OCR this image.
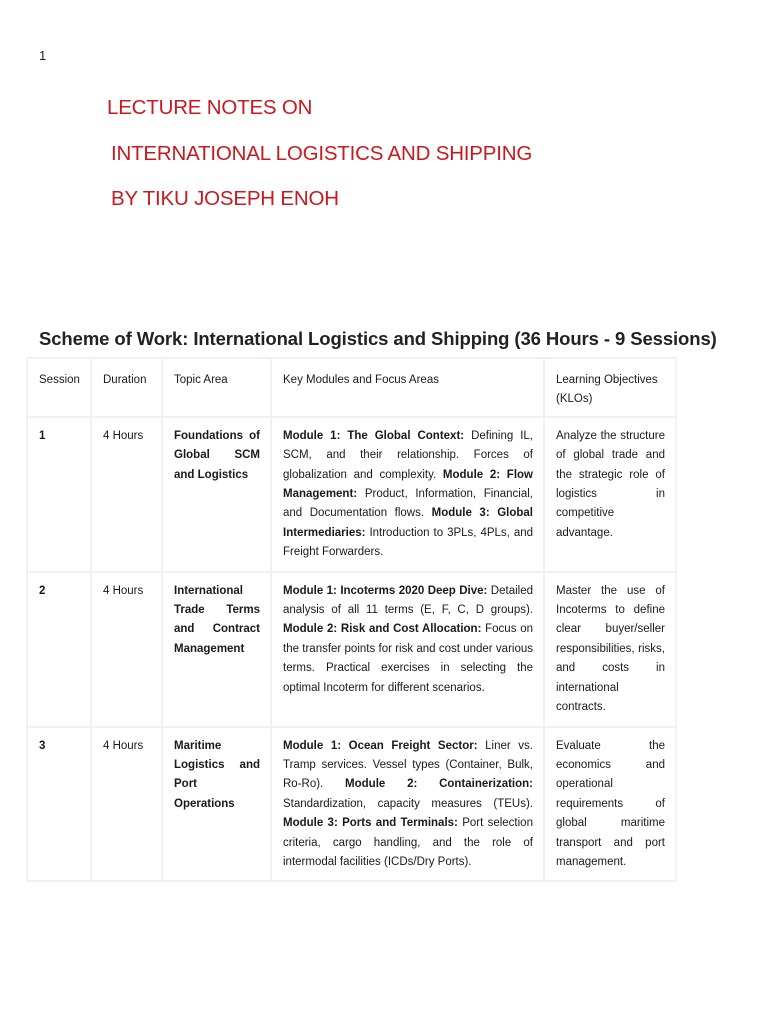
1
LECTURE NOTES ON
INTERNATIONAL LOGISTICS AND SHIPPING
BY TIKU JOSEPH ENOH
Scheme of Work: International Logistics and Shipping (36 Hours - 9 Sessions)
Session	Duration	Topic Area	Key Modules and Focus Areas	Learning Objectives (KLOs)
1	4 Hours	Foundations of Global SCM and Logistics	Module 1: The Global Context: Defining IL, SCM, and their relationship. Forces of globalization and complexity. Module 2: Flow Management: Product, Information, Financial, and Documentation flows. Module 3: Global Intermediaries: Introduction to 3PLs, 4PLs, and Freight Forwarders.	Analyze the structure of global trade and the strategic role of logistics in competitive advantage.
2	4 Hours	International Trade Terms and Contract Management	Module 1: Incoterms 2020 Deep Dive: Detailed analysis of all 11 terms (E, F, C, D groups). Module 2: Risk and Cost Allocation: Focus on the transfer points for risk and cost under various terms. Practical exercises in selecting the optimal Incoterm for different scenarios.	Master the use of Incoterms to define clear buyer/seller responsibilities, risks, and costs in international contracts.
3	4 Hours	Maritime Logistics and Port Operations	Module 1: Ocean Freight Sector: Liner vs. Tramp services. Vessel types (Container, Bulk, Ro-Ro). Module 2: Containerization: Standardization, capacity measures (TEUs). Module 3: Ports and Terminals: Port selection criteria, cargo handling, and the role of intermodal facilities (ICDs/Dry Ports).	Evaluate the economics and operational requirements of global maritime transport and port management.
